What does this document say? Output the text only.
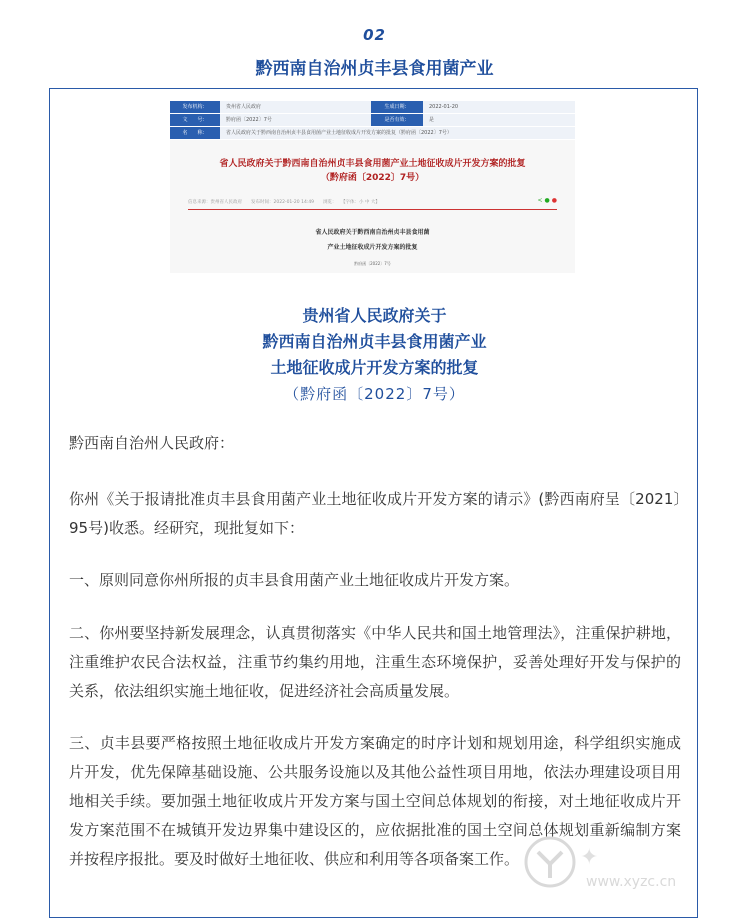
02
黔西南自治州贞丰县食用菌产业
发布机构：	贵州省人民政府	生成日期：	2022-01-20
文　　号：	黔府函〔2022〕7号	是否有效：	是
名　　称：	省人民政府关于黔西南自治州贞丰县食用菌产业土地征收成片开发方案的批复（黔府函〔2022〕7号）
省人民政府关于黔西南自治州贞丰县食用菌产业土地征收成片开发方案的批复
（黔府函〔2022〕7号）
信息来源：贵州省人民政府　　发布时间：2022-01-20 14:49　　浏览：　　【字体：小 中 大】	< ● ●
省人民政府关于黔西南自治州贞丰县食用菌
产业土地征收成片开发方案的批复
黔府函〔2022〕7号
贵州省人民政府关于
黔西南自治州贞丰县食用菌产业
土地征收成片开发方案的批复
（黔府函〔2022〕7号）

黔西南自治州人民政府：

你州《关于报请批准贞丰县食用菌产业土地征收成片开发方案的请示》(黔西南府呈〔2021〕95号)收悉。经研究，现批复如下：

一、原则同意你州所报的贞丰县食用菌产业土地征收成片开发方案。

二、你州要坚持新发展理念，认真贯彻落实《中华人民共和国土地管理法》，注重保护耕地，注重维护农民合法权益，注重节约集约用地，注重生态环境保护，妥善处理好开发与保护的关系，依法组织实施土地征收，促进经济社会高质量发展。

三、贞丰县要严格按照土地征收成片开发方案确定的时序计划和规划用途，科学组织实施成片开发，优先保障基础设施、公共服务设施以及其他公益性项目用地，依法办理建设项目用地相关手续。要加强土地征收成片开发方案与国土空间总体规划的衔接，对土地征收成片开发方案范围不在城镇开发边界集中建设区的，应依据批准的国土空间总体规划重新编制方案并按程序报批。要及时做好土地征收、供应和利用等各项备案工作。	✦
www.xyzc.cn
